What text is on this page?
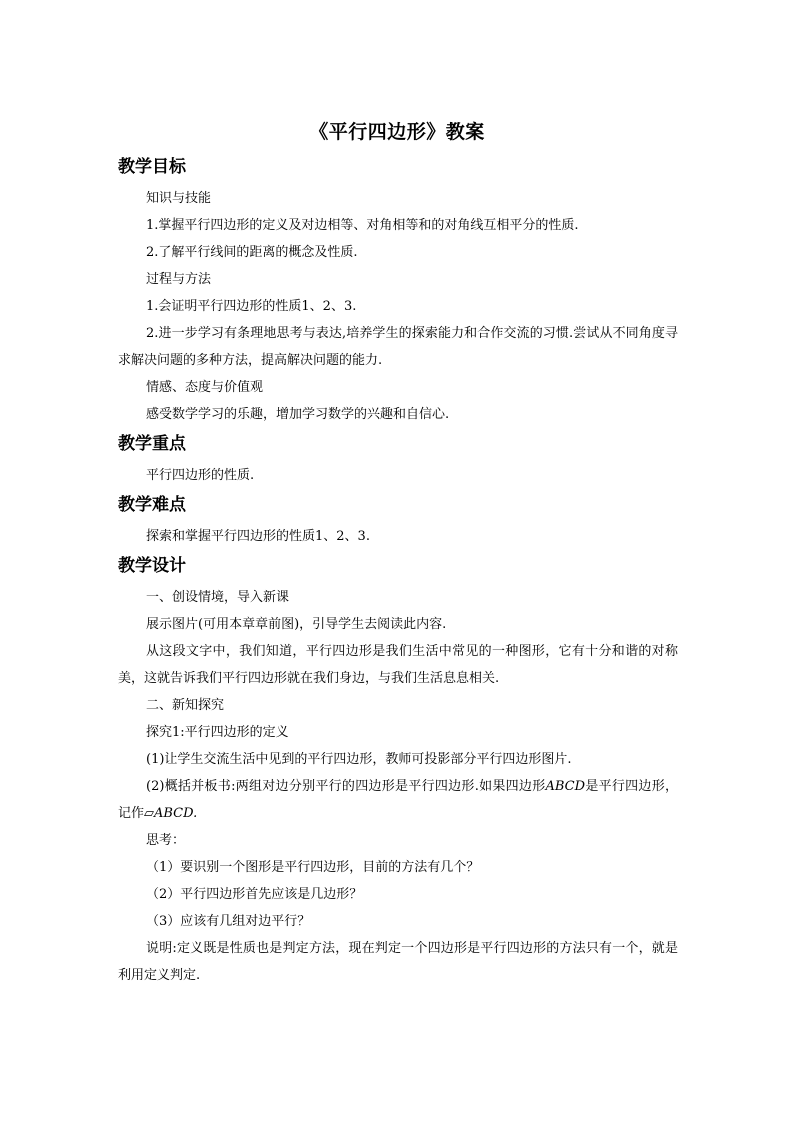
《平行四边形》教案
教学目标

知识与技能

1.掌握平行四边形的定义及对边相等、对角相等和的对角线互相平分的性质.

2.了解平行线间的距离的概念及性质.

过程与方法

1.会证明平行四边形的性质1、2、3.

2.进一步学习有条理地思考与表达,培养学生的探索能力和合作交流的习惯.尝试从不同角度寻求解决问题的多种方法，提高解决问题的能力.

情感、态度与价值观

感受数学学习的乐趣，增加学习数学的兴趣和自信心.

教学重点

平行四边形的性质.

教学难点

探索和掌握平行四边形的性质1、2、3.

教学设计

一、创设情境，导入新课

展示图片(可用本章章前图)，引导学生去阅读此内容.

从这段文字中，我们知道，平行四边形是我们生活中常见的一种图形，它有十分和谐的对称美，这就告诉我们平行四边形就在我们身边，与我们生活息息相关.

二、新知探究

探究1:平行四边形的定义

(1)让学生交流生活中见到的平行四边形，教师可投影部分平行四边形图片.

(2)概括并板书:两组对边分别平行的四边形是平行四边形.如果四边形ABCD是平行四边形，记作▱ABCD.

思考：

（1）要识别一个图形是平行四边形，目前的方法有几个？

（2）平行四边形首先应该是几边形？

（3）应该有几组对边平行？

说明:定义既是性质也是判定方法，现在判定一个四边形是平行四边形的方法只有一个，就是利用定义判定.
